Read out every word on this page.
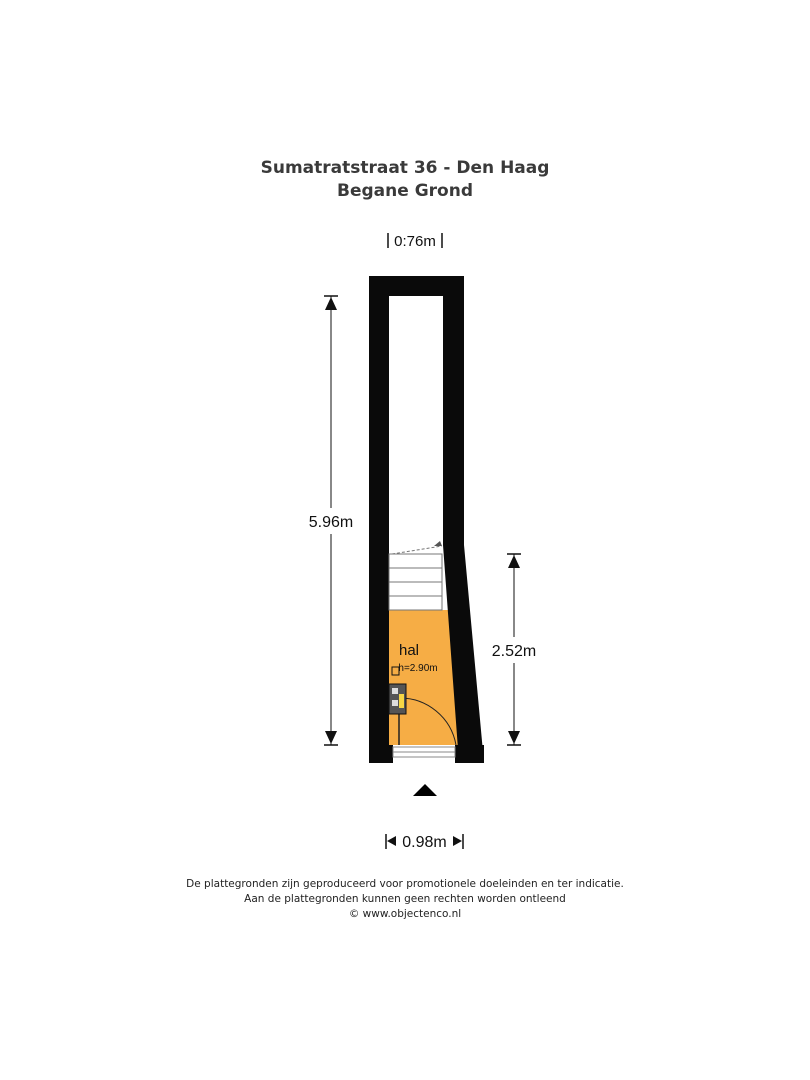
Sumatratstraat 36 - Den Haag
Begane Grond
0:76m
hal
h=2.90m
5.96m
2.52m
0.98m
De plattegronden zijn geproduceerd voor promotionele doeleinden en ter indicatie.
Aan de plattegronden kunnen geen rechten worden ontleend
© www.objectenco.nl
